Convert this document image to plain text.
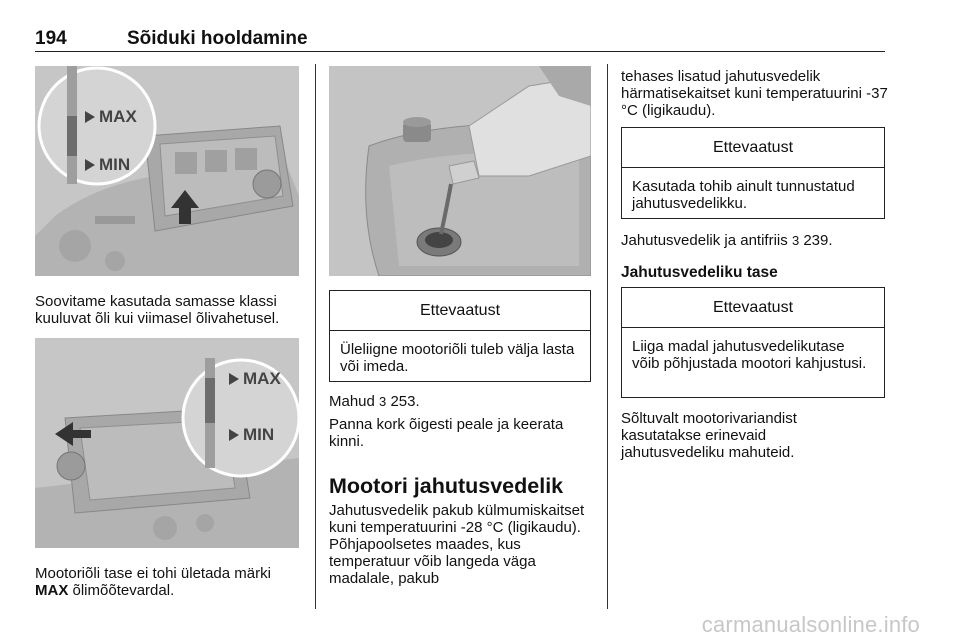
194	Sõiduki hooldamine
MAX
MIN
Soovitame kasutada samasse klassi kuuluvat õli kui viimasel õlivahetusel.
MAX
MIN
Mootoriõli tase ei tohi ületada märki
MAX õlimõõtevardal.
Ettevaatust
Üleliigne mootoriõli tuleb välja lasta või imeda.
Mahud 3 253.
Panna kork õigesti peale ja keerata kinni.
Mootori jahutusvedelik
Jahutusvedelik pakub külmumiskaitset kuni temperatuurini -28 °C (ligikaudu). Põhjapoolsetes maades, kus temperatuur võib langeda väga madalale, pakub
tehases lisatud jahutusvedelik härmatisekaitset kuni temperatuurini -37 °C (ligikaudu).
Ettevaatust
Kasutada tohib ainult tunnustatud jahutusvedelikku.
Jahutusvedelik ja antifriis 3 239.
Jahutusvedeliku tase
Ettevaatust
Liiga madal jahutusvedelikutase võib põhjustada mootori kahjustusi.
Sõltuvalt mootorivariandist kasutatakse erinevaid jahutusvedeliku mahuteid.
carmanualsonline.info
